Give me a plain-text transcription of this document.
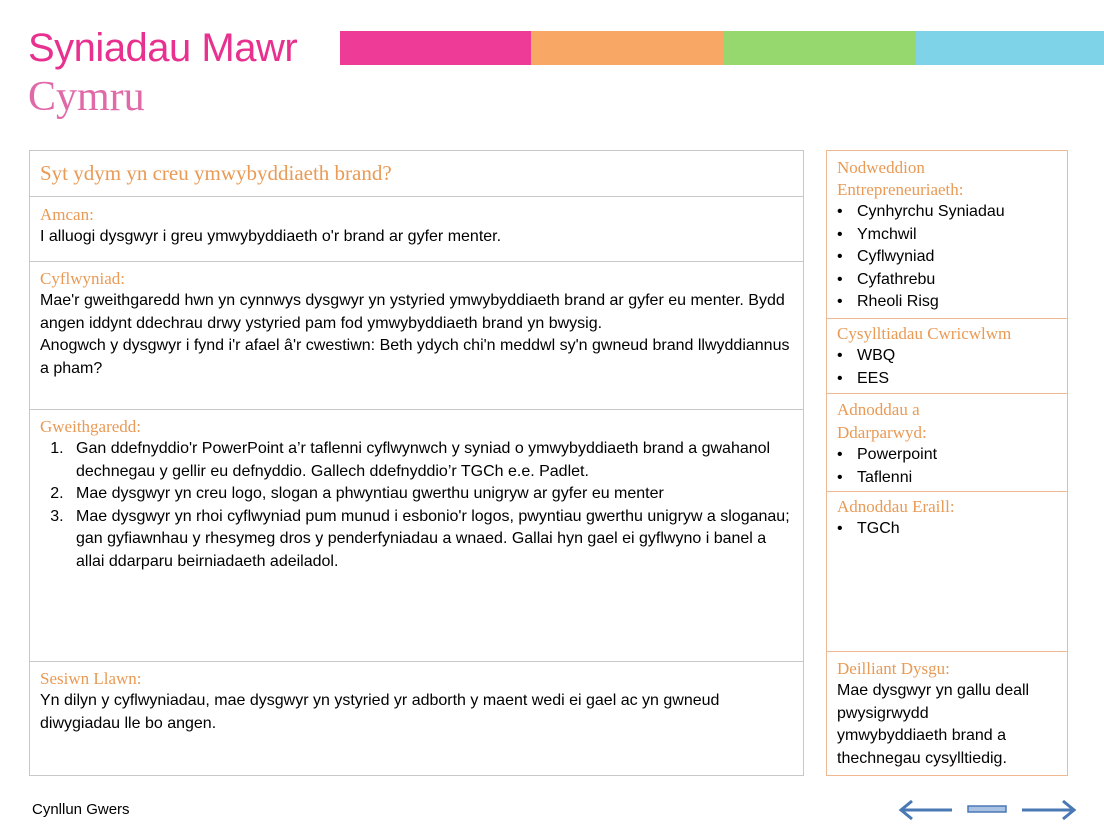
Syniadau Mawr
Cymru
Syt ydym yn creu ymwybyddiaeth brand?
Amcan:
I alluogi dysgwyr i greu ymwybyddiaeth o'r brand ar gyfer menter.
Cyflwyniad:
Mae'r gweithgaredd hwn yn cynnwys dysgwyr yn ystyried ymwybyddiaeth brand ar gyfer eu menter. Bydd angen iddynt ddechrau drwy ystyried pam fod ymwybyddiaeth brand yn bwysig.
Anogwch y dysgwyr i fynd i'r afael â'r cwestiwn: Beth ydych chi'n meddwl sy'n gwneud brand llwyddiannus a pham?
Gweithgaredd:
1. Gan ddefnyddio'r PowerPoint a’r taflenni cyflwynwch y syniad o ymwybyddiaeth brand a gwahanol dechnegau y gellir eu defnyddio. Gallech ddefnyddio’r TGCh e.e. Padlet.
2. Mae dysgwyr yn creu logo, slogan a phwyntiau gwerthu unigryw ar gyfer eu menter
3. Mae dysgwyr yn rhoi cyflwyniad pum munud i esbonio'r logos, pwyntiau gwerthu unigryw a sloganau; gan gyfiawnhau y rhesymeg dros y penderfyniadau a wnaed. Gallai hyn gael ei gyflwyno i banel a allai ddarparu beirniadaeth adeiladol.
Sesiwn Llawn:
Yn dilyn y cyflwyniadau, mae dysgwyr yn ystyried yr adborth y maent wedi ei gael ac yn gwneud diwygiadau lle bo angen.
Nodweddion Entrepreneuriaeth:
• Cynhyrchu Syniadau
• Ymchwil
• Cyflwyniad
• Cyfathrebu
• Rheoli Risg
Cysylltiadau Cwricwlwm
• WBQ
• EES
Adnoddau a Ddarparwyd:
• Powerpoint
• Taflenni
Adnoddau Eraill:
• TGCh
Deilliant Dysgu:
Mae dysgwyr yn gallu deall pwysigrwydd ymwybyddiaeth brand a thechnegau cysylltiedig.
Cynllun Gwers
